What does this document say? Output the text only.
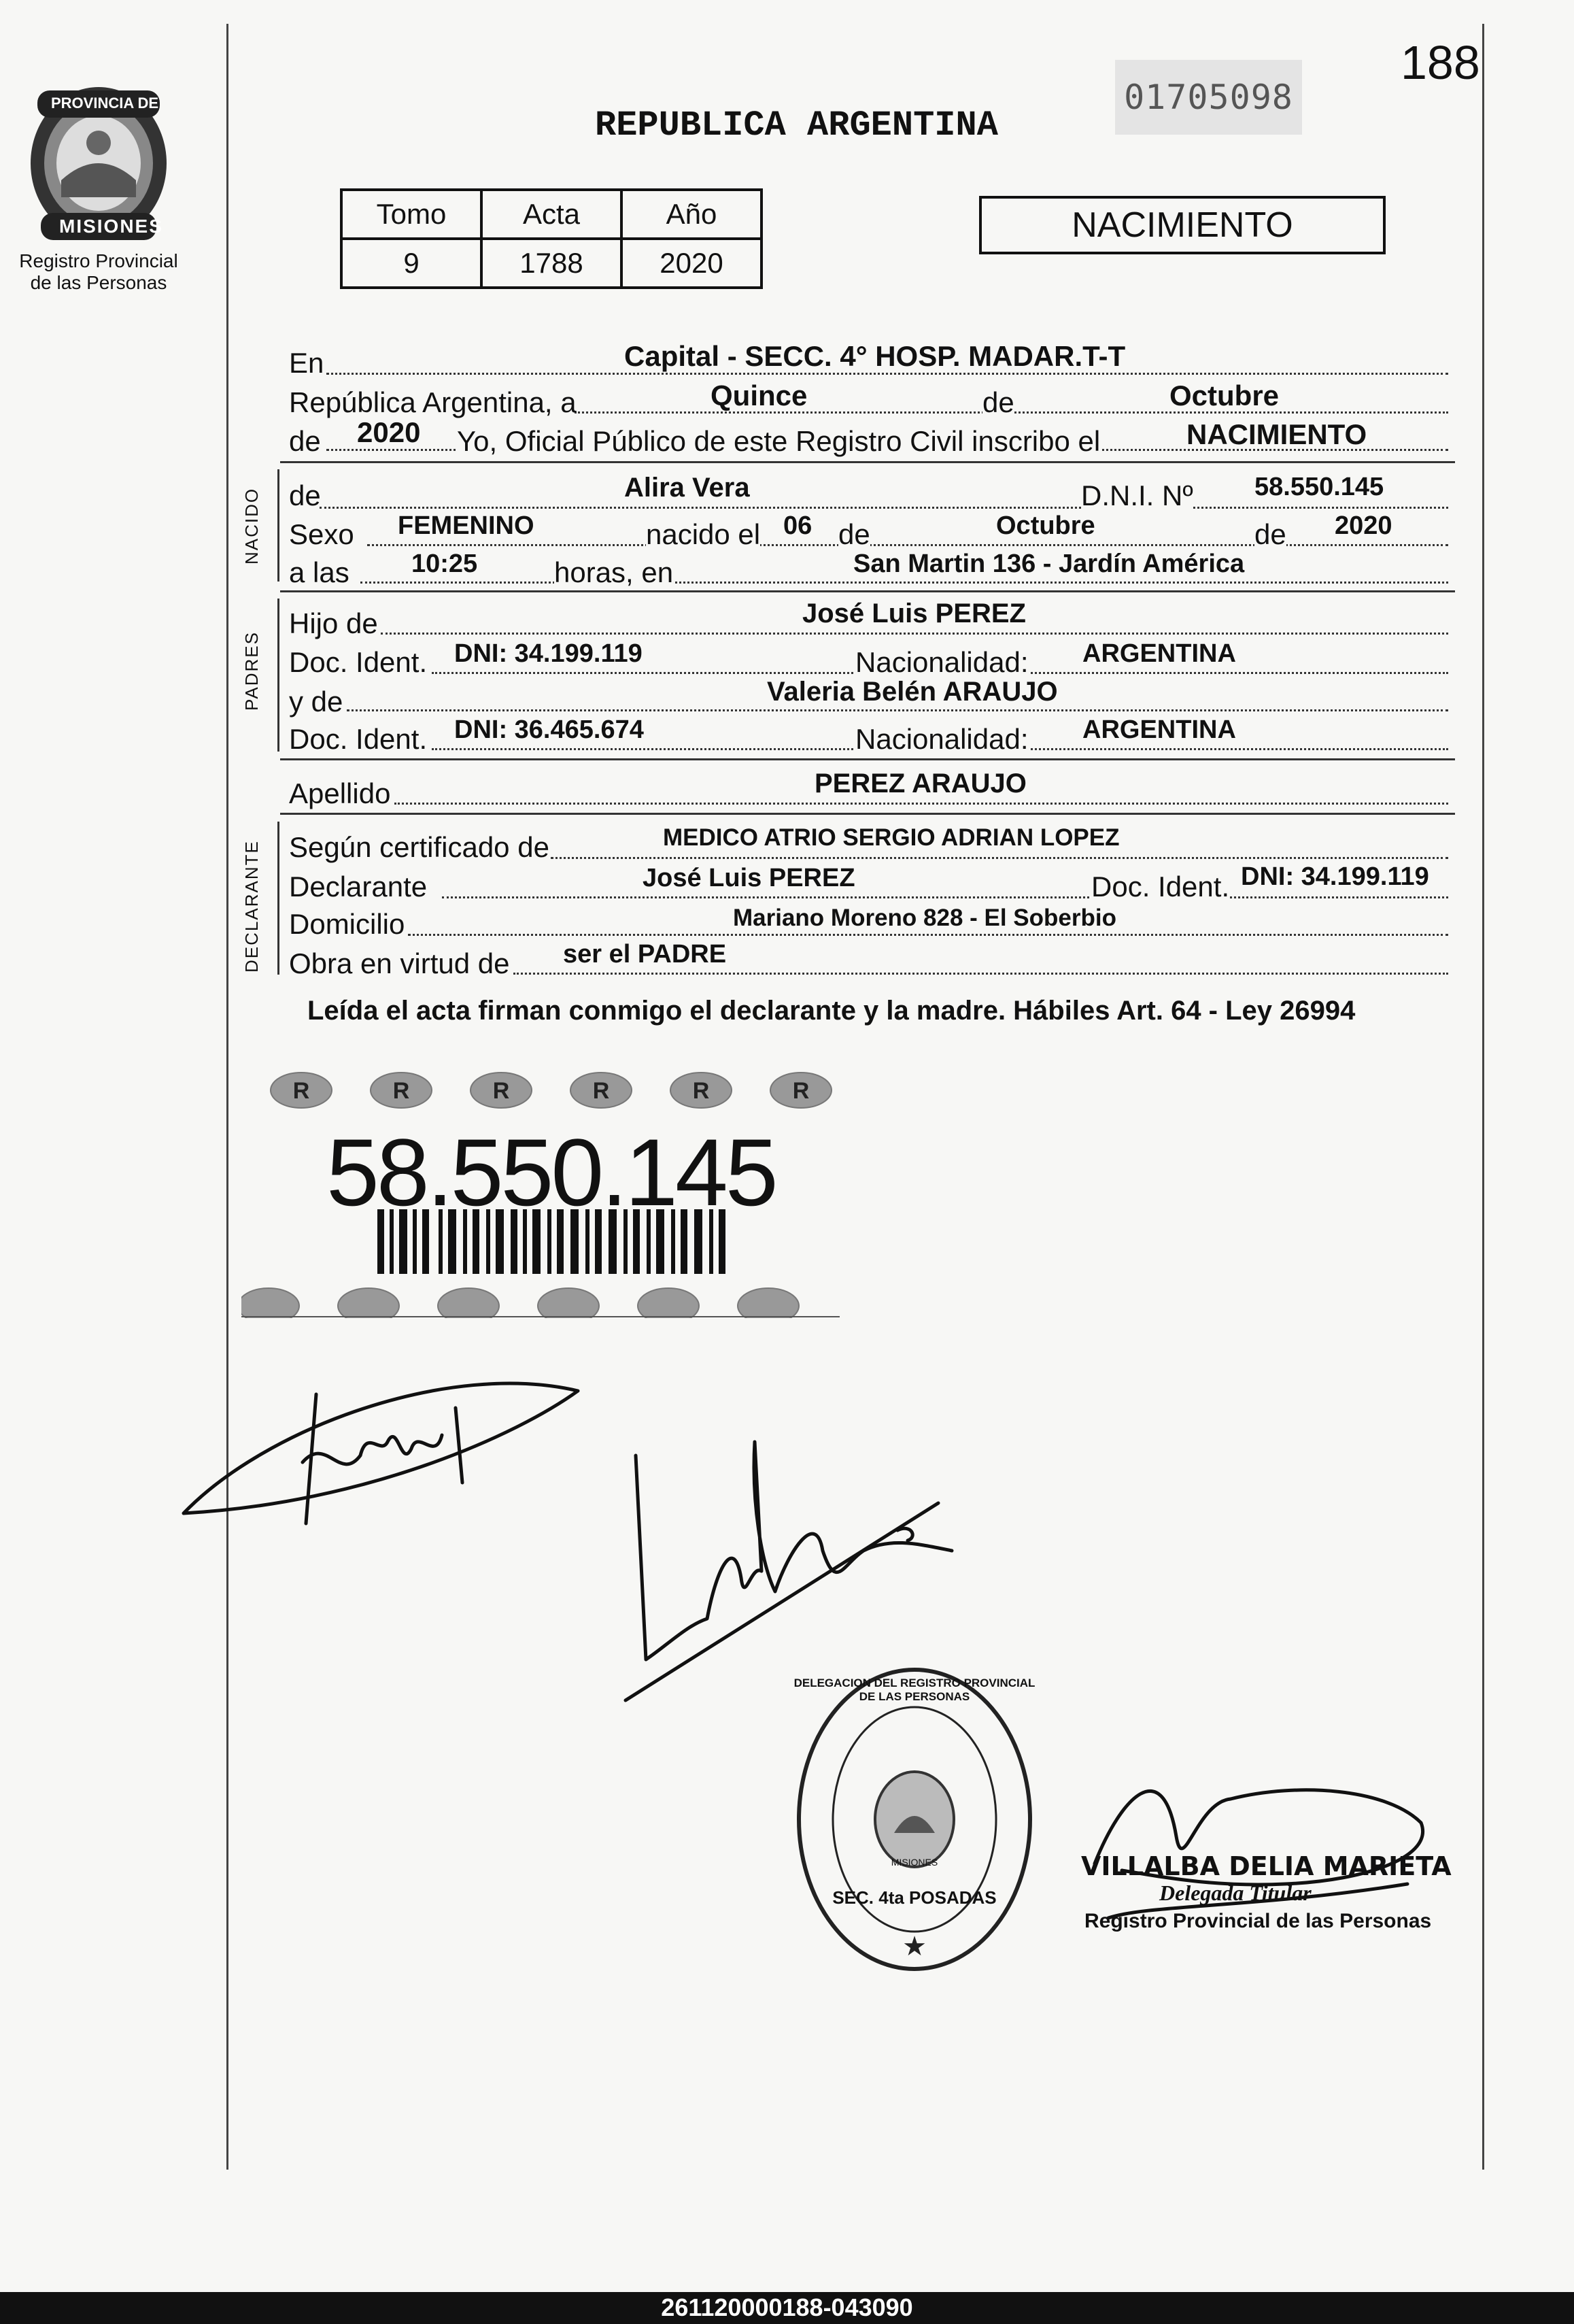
PROVINCIA DE
MISIONES
Registro Provincial
de las Personas
188
01705098
REPUBLICA ARGENTINA
Tomo	Acta	Año
9	1788	2020
NACIMIENTO
En	Capital - SECC. 4° HOSP. MADAR.T-T
República Argentina, a	Quince	de	Octubre
de 2020 Yo, Oficial Público de este Registro Civil inscribo el	NACIMIENTO
NACIDO de	Alira Vera	D.N.I. Nº 58.550.145
Sexo FEMENINO	nacido el 06 de	Octubre	de 2020
a las 10:25	horas, en	San Martin 136 - Jardín América
PADRES
Hijo de	José Luis PEREZ
Doc. Ident. DNI: 34.199.119	Nacionalidad: ARGENTINA
y de	Valeria Belén ARAUJO
Doc. Ident. DNI: 36.465.674	Nacionalidad: ARGENTINA
Apellido	PEREZ ARAUJO
DECLARANTE Según certificado de	MEDICO ATRIO SERGIO ADRIAN LOPEZ
Declarante	José Luis PEREZ	Doc. Ident. DNI: 34.199.119
Domicilio	Mariano Moreno 828 - El Soberbio
Obra en virtud de ser el PADRE
Leída el acta firman conmigo el declarante y la madre. Hábiles Art. 64 - Ley 26994
R	R	R	R	R	R
58.550.145
★
DELEGACION DEL REGISTRO PROVINCIAL DE LAS PERSONAS
SEC. 4ta POSADAS
MISIONES	VILLALBA DELIA MARIETA
Delegada Titular
Registro Provincial de las Personas
261120000188-043090
